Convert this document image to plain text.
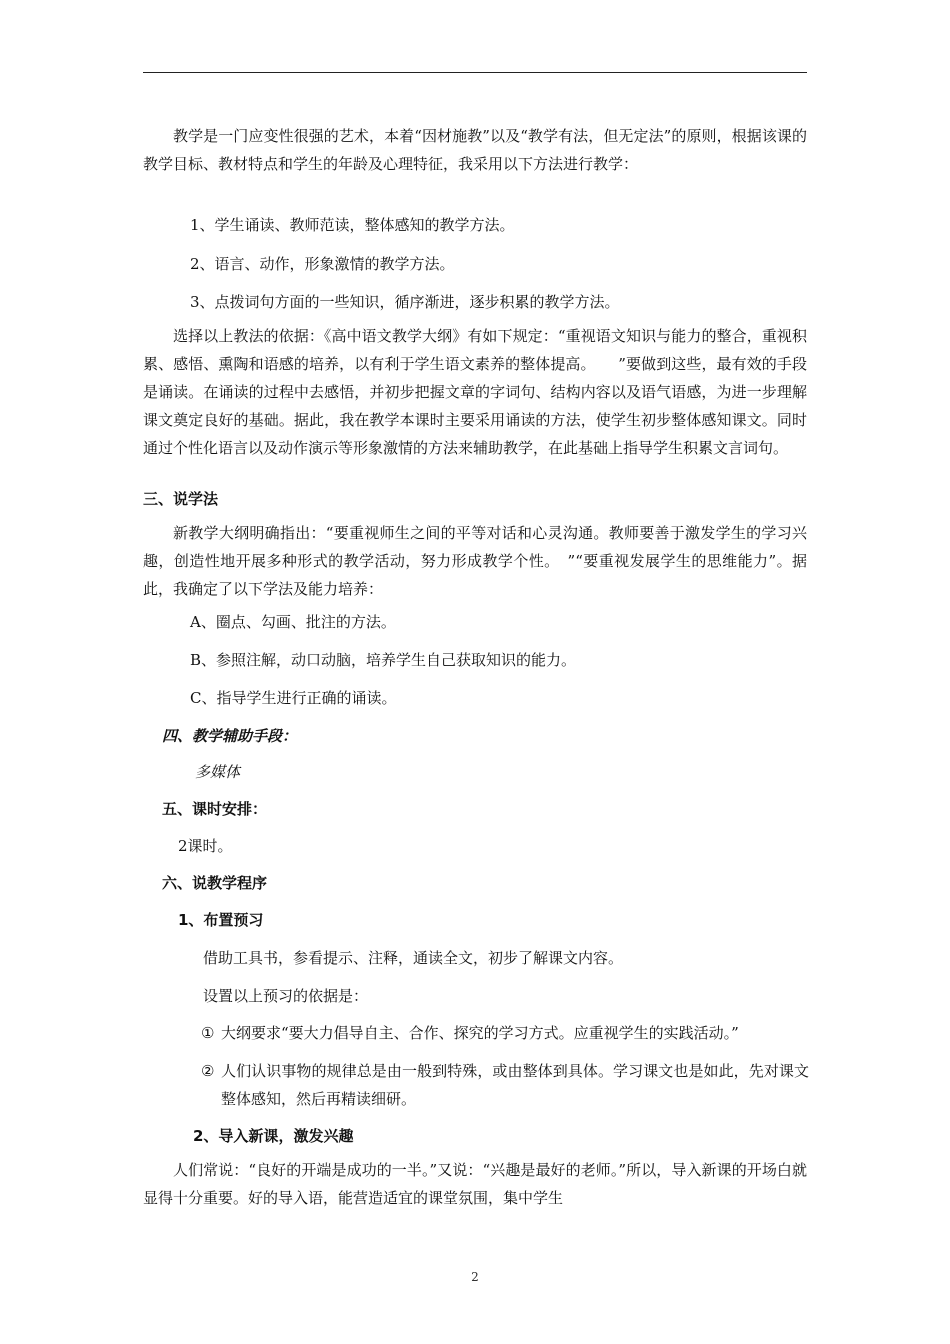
教学是一门应变性很强的艺术，本着“因材施教”以及“教学有法，但无定法”的原则，根据该课的教学目标、教材特点和学生的年龄及心理特征，我采用以下方法进行教学：

1、学生诵读、教师范读，整体感知的教学方法。

2、语言、动作，形象激情的教学方法。

3、点拨词句方面的一些知识，循序渐进，逐步积累的教学方法。

选择以上教法的依据：《高中语文教学大纲》有如下规定：“重视语文知识与能力的整合，重视积累、感悟、熏陶和语感的培养，以有利于学生语文素养的整体提高。　　”要做到这些，最有效的手段是诵读。在诵读的过程中去感悟，并初步把握文章的字词句、结构内容以及语气语感，为进一步理解课文奠定良好的基础。据此，我在教学本课时主要采用诵读的方法，使学生初步整体感知课文。同时通过个性化语言以及动作演示等形象激情的方法来辅助教学，在此基础上指导学生积累文言词句。

三、说学法

新教学大纲明确指出：“要重视师生之间的平等对话和心灵沟通。教师要善于激发学生的学习兴趣，创造性地开展多种形式的教学活动，努力形成教学个性。　”“要重视发展学生的思维能力”。据此，我确定了以下学法及能力培养：

A、圈点、勾画、批注的方法。

B、参照注解，动口动脑，培养学生自己获取知识的能力。

C、指导学生进行正确的诵读。

四、教学辅助手段：

多媒体

五、课时安排：

2课时。

六、说教学程序

1、布置预习

借助工具书，参看提示、注释，通读全文，初步了解课文内容。

设置以上预习的依据是：

① 大纲要求“要大力倡导自主、合作、探究的学习方式。应重视学生的实践活动。”

② 人们认识事物的规律总是由一般到特殊，或由整体到具体。学习课文也是如此，先对课文整体感知，然后再精读细研。

2、导入新课，激发兴趣

人们常说：“良好的开端是成功的一半。”又说：“兴趣是最好的老师。”所以，导入新课的开场白就显得十分重要。好的导入语，能营造适宜的课堂氛围，集中学生

2
